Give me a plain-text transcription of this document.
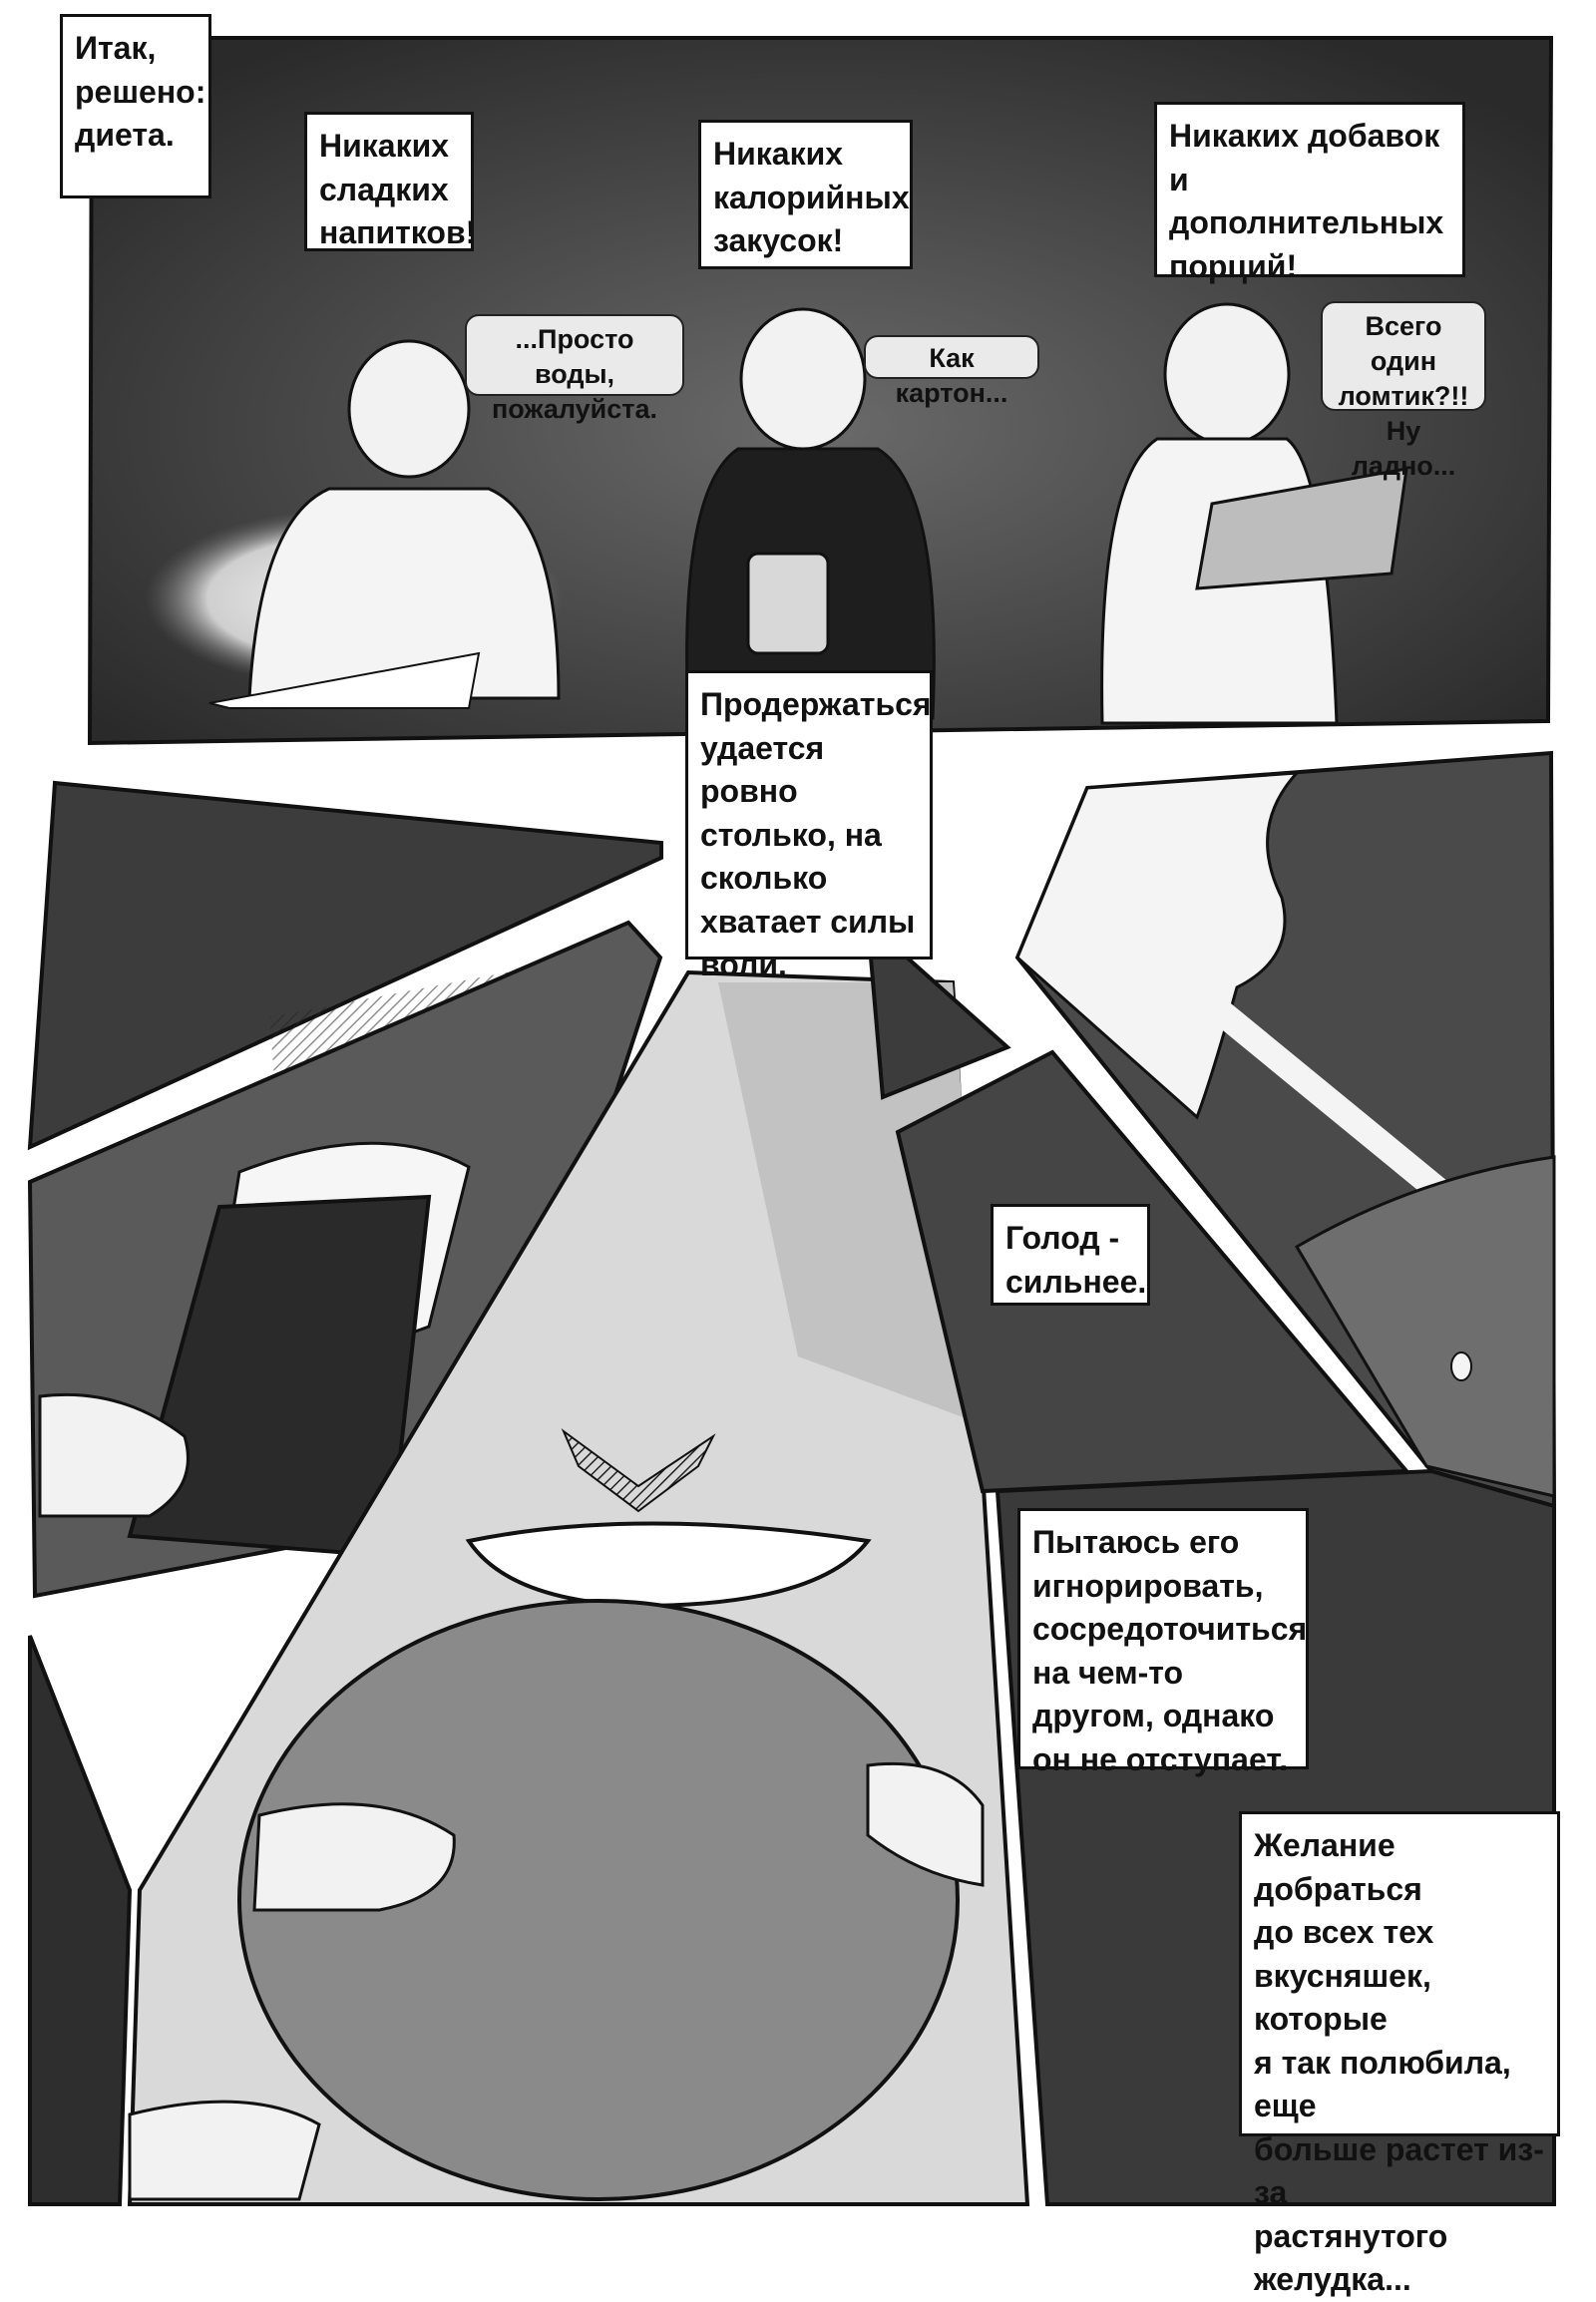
Итак,
решено:
диета.	Никаких
сладких
напитков!
Никаких
калорийных
закусок!
Никаких добавок и
дополнительных
порций!
Продержаться
удается ровно
столько, на
сколько
хватает силы
воли.
Голод -
сильнее.
Пытаюсь его
игнорировать,
сосредоточиться
на чем-то
другом, однако
он не отступает.
Желание добраться
до всех тех
вкусняшек, которые
я так полюбила, еще
больше растет из-за
растянутого
желудка...
...Просто воды,
пожалуйста.
Как картон...
Всего один
ломтик?!!
Ну ладно...
